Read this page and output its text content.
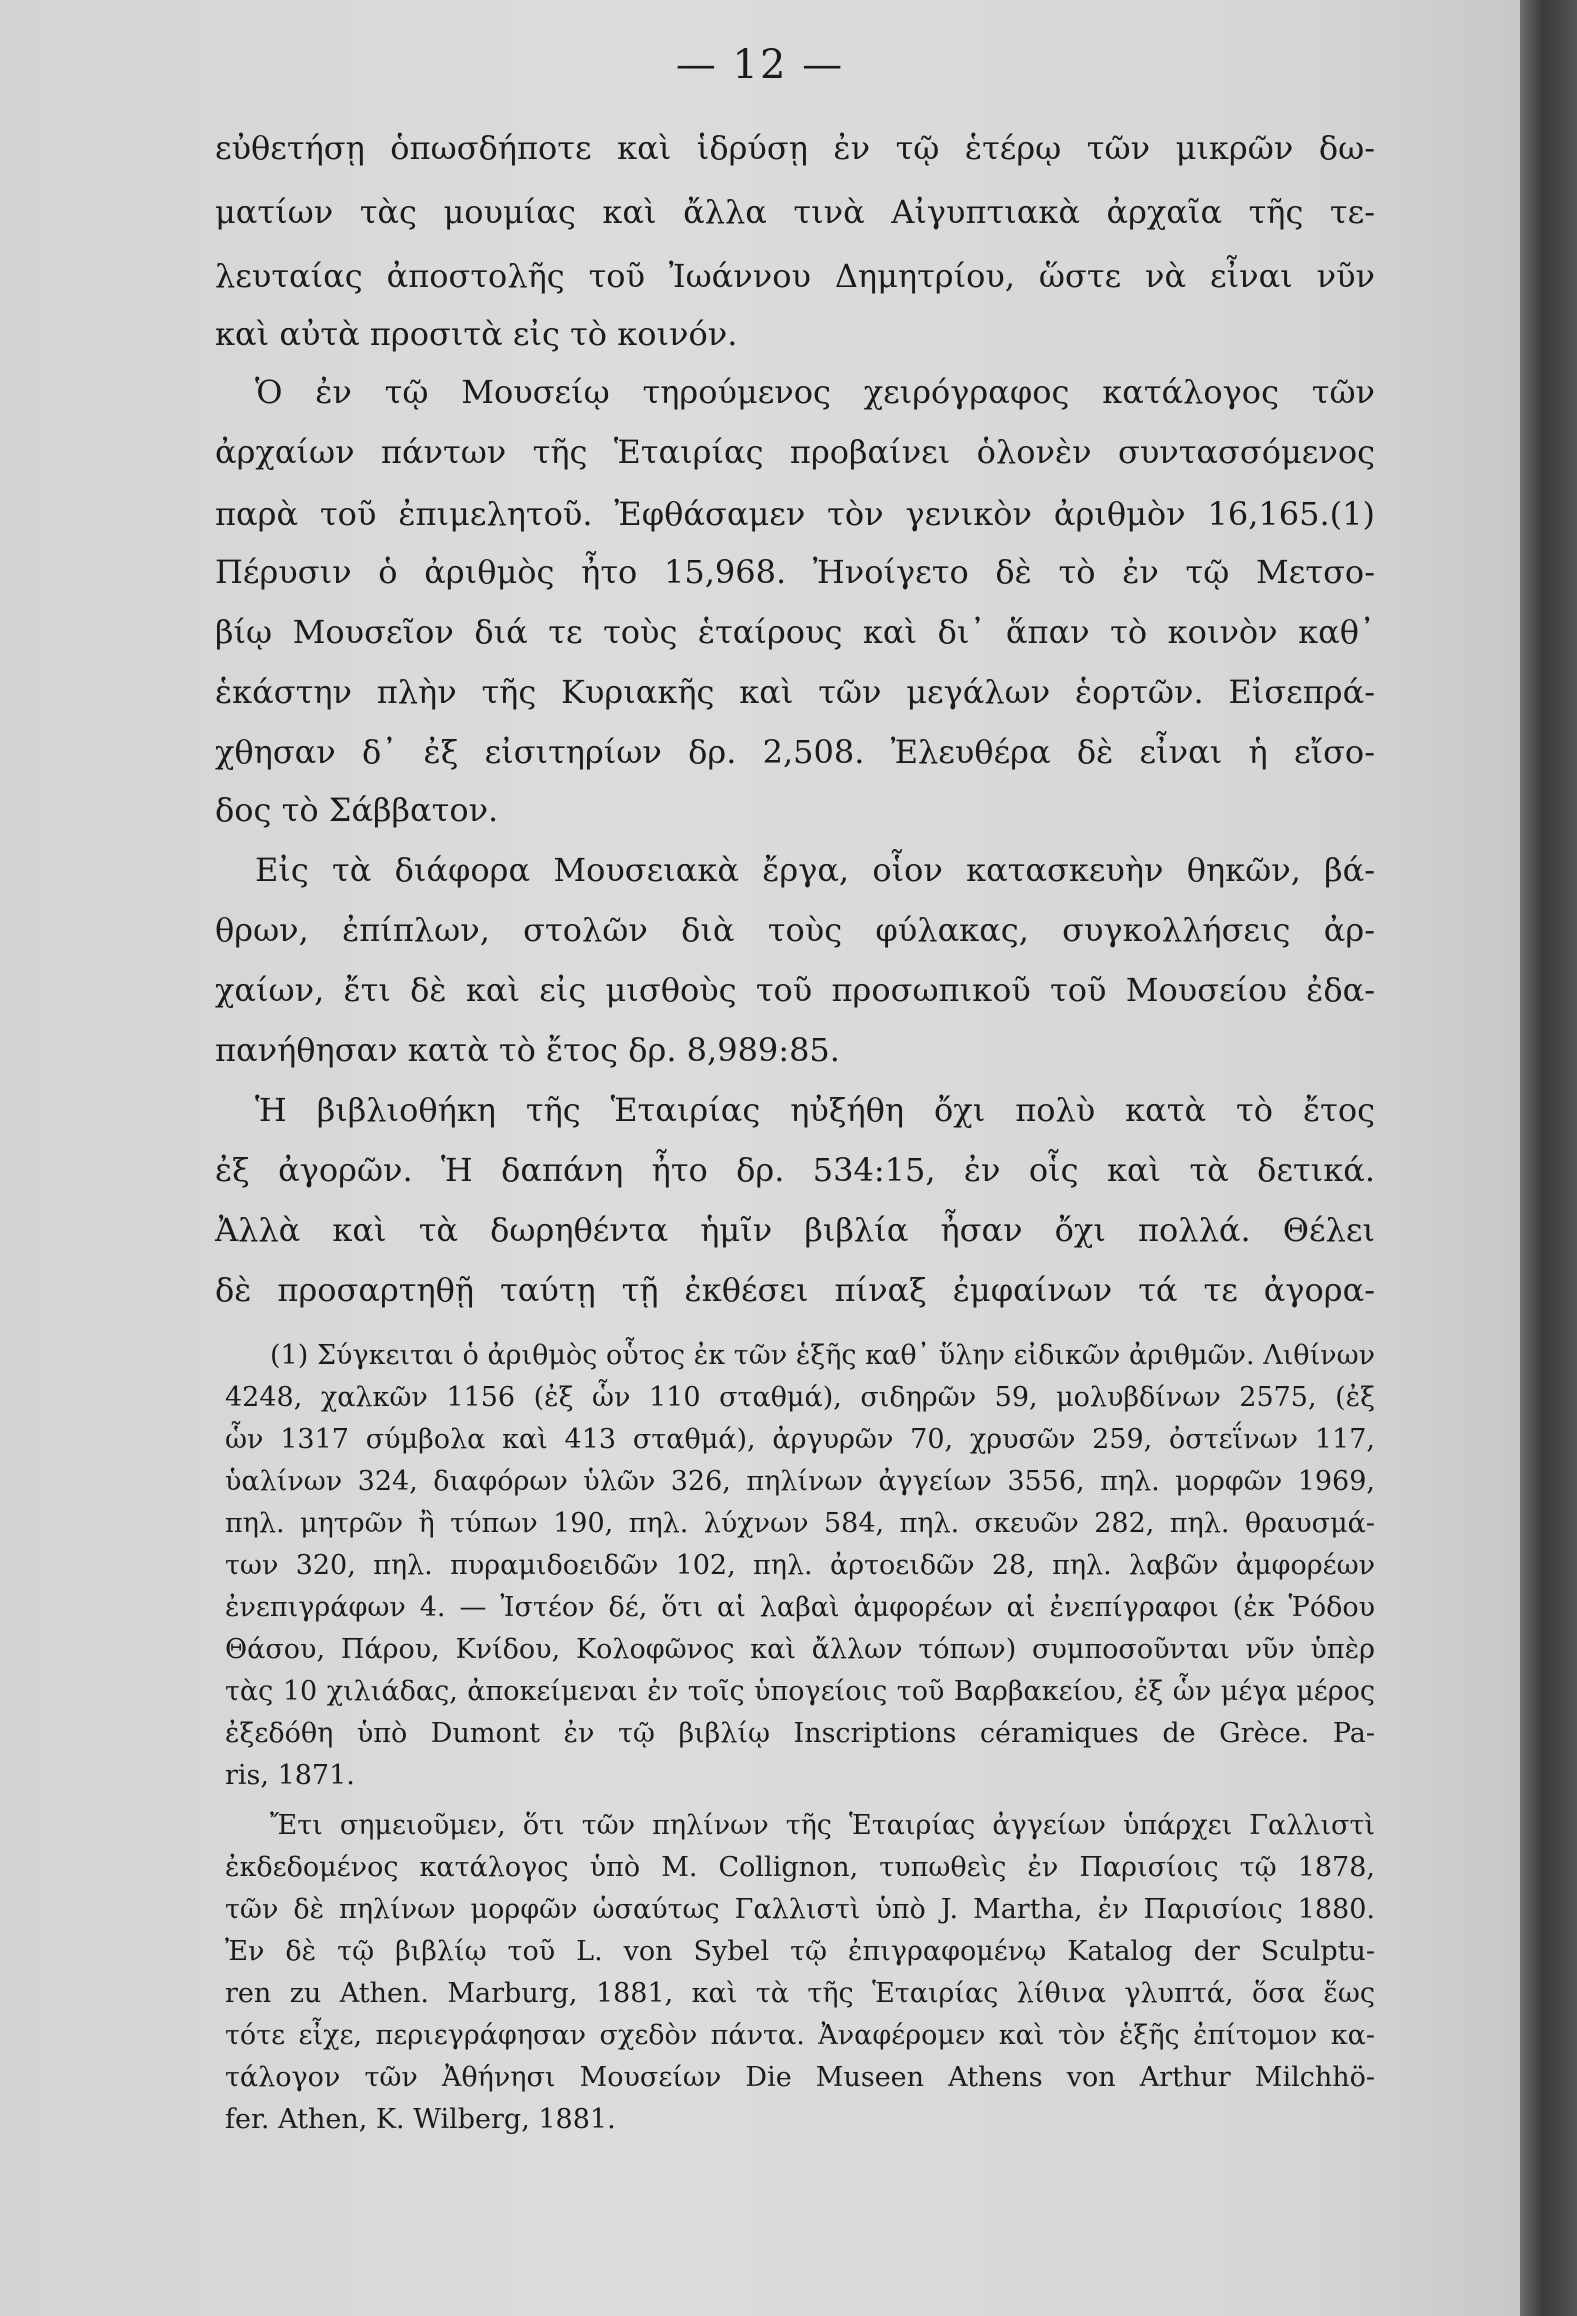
— 12 —
εὐθετήσῃ ὁπωσδήποτε καὶ ἱδρύσῃ ἐν τῷ ἑτέρῳ τῶν μικρῶν δω-
ματίων τὰς μουμίας καὶ ἄλλα τινὰ Αἰγυπτιακὰ ἀρχαῖα τῆς τε-
λευταίας ἀποστολῆς τοῦ Ἰωάννου Δημητρίου, ὥστε νὰ εἶναι νῦν
καὶ αὐτὰ προσιτὰ εἰς τὸ κοινόν.
Ὁ ἐν τῷ Μουσείῳ τηρούμενος χειρόγραφος κατάλογος τῶν
ἀρχαίων πάντων τῆς Ἑταιρίας προβαίνει ὁλονὲν συντασσόμενος
παρὰ τοῦ ἐπιμελητοῦ. Ἐφθάσαμεν τὸν γενικὸν ἀριθμὸν 16,165.(1)
Πέρυσιν ὁ ἀριθμὸς ἦτο 15,968. Ἠνοίγετο δὲ τὸ ἐν τῷ Μετσο-
βίῳ Μουσεῖον διά τε τοὺς ἑταίρους καὶ δι᾽ ἅπαν τὸ κοινὸν καθ᾽
ἑκάστην πλὴν τῆς Κυριακῆς καὶ τῶν μεγάλων ἑορτῶν. Εἰσεπρά-
χθησαν δ᾽ ἐξ εἰσιτηρίων δρ. 2,508. Ἐλευθέρα δὲ εἶναι ἡ εἴσο-
δος τὸ Σάββατον.
Εἰς τὰ διάφορα Μουσειακὰ ἔργα, οἷον κατασκευὴν θηκῶν, βά-
θρων, ἐπίπλων, στολῶν διὰ τοὺς φύλακας, συγκολλήσεις ἀρ-
χαίων, ἔτι δὲ καὶ εἰς μισθοὺς τοῦ προσωπικοῦ τοῦ Μουσείου ἐδα-
πανήθησαν κατὰ τὸ ἔτος δρ. 8,989:85.
Ἡ βιβλιοθήκη τῆς Ἑταιρίας ηὐξήθη ὄχι πολὺ κατὰ τὸ ἔτος
ἐξ ἀγορῶν. Ἡ δαπάνη ἦτο δρ. 534:15, ἐν οἷς καὶ τὰ δετικά.
Ἀλλὰ καὶ τὰ δωρηθέντα ἡμῖν βιβλία ἦσαν ὄχι πολλά. Θέλει
δὲ προσαρτηθῇ ταύτῃ τῇ ἐκθέσει πίναξ ἐμφαίνων τά τε ἀγορα-
(1) Σύγκειται ὁ ἀριθμὸς οὗτος ἐκ τῶν ἑξῆς καθ᾽ ὕλην εἰδικῶν ἀριθμῶν. Λιθίνων
4248, χαλκῶν 1156 (ἐξ ὧν 110 σταθμά), σιδηρῶν 59, μολυβδίνων 2575, (ἐξ
ὧν 1317 σύμβολα καὶ 413 σταθμά), ἀργυρῶν 70, χρυσῶν 259, ὀστεΐνων 117,
ὑαλίνων 324, διαφόρων ὑλῶν 326, πηλίνων ἀγγείων 3556, πηλ. μορφῶν 1969,
πηλ. μητρῶν ἢ τύπων 190, πηλ. λύχνων 584, πηλ. σκευῶν 282, πηλ. θραυσμά-
των 320, πηλ. πυραμιδοειδῶν 102, πηλ. ἀρτοειδῶν 28, πηλ. λαβῶν ἀμφορέων
ἐνεπιγράφων 4. — Ἰστέον δέ, ὅτι αἱ λαβαὶ ἀμφορέων αἱ ἐνεπίγραφοι (ἐκ Ῥόδου
Θάσου, Πάρου, Κνίδου, Κολοφῶνος καὶ ἄλλων τόπων) συμποσοῦνται νῦν ὑπὲρ
τὰς 10 χιλιάδας, ἀποκείμεναι ἐν τοῖς ὑπογείοις τοῦ Βαρβακείου, ἐξ ὧν μέγα μέρος
ἐξεδόθη ὑπὸ Dumont ἐν τῷ βιβλίῳ Inscriptions céramiques de Grèce. Pa-
ris, 1871.
Ἔτι σημειοῦμεν, ὅτι τῶν πηλίνων τῆς Ἑταιρίας ἀγγείων ὑπάρχει Γαλλιστὶ
ἐκδεδομένος κατάλογος ὑπὸ M. Collignon, τυπωθεὶς ἐν Παρισίοις τῷ 1878,
τῶν δὲ πηλίνων μορφῶν ὡσαύτως Γαλλιστὶ ὑπὸ J. Martha, ἐν Παρισίοις 1880.
Ἐν δὲ τῷ βιβλίῳ τοῦ L. von Sybel τῷ ἐπιγραφομένῳ Katalog der Sculptu-
ren zu Athen. Marburg, 1881, καὶ τὰ τῆς Ἑταιρίας λίθινα γλυπτά, ὅσα ἕως
τότε εἶχε, περιεγράφησαν σχεδὸν πάντα. Ἀναφέρομεν καὶ τὸν ἑξῆς ἐπίτομον κα-
τάλογον τῶν Ἀθήνησι Μουσείων Die Museen Athens von Arthur Milchhö-
fer. Athen, K. Wilberg, 1881.
